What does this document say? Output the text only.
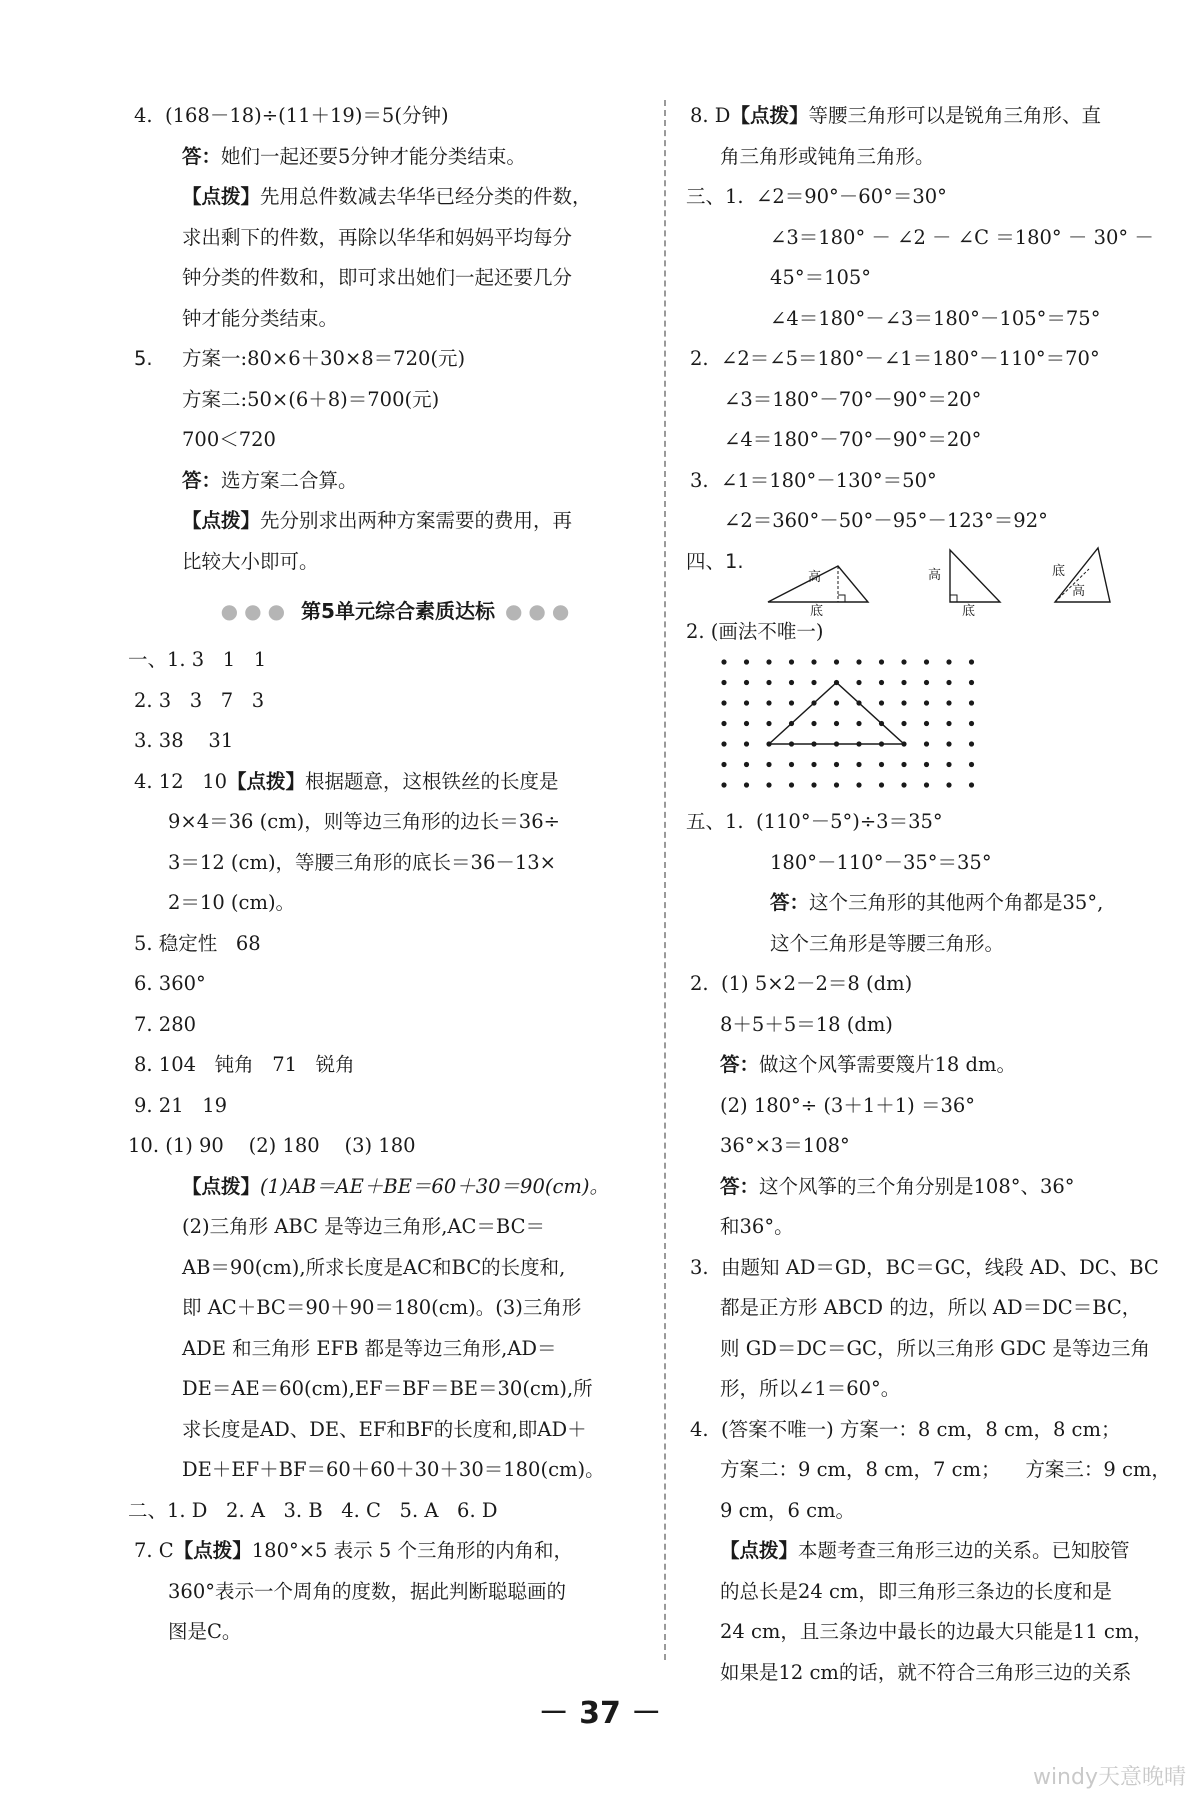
4.  (168－18)÷(11＋19)＝5(分钟)
答：她们一起还要5分钟才能分类结束。
【点拨】先用总件数减去华华已经分类的件数，
求出剩下的件数，再除以华华和妈妈平均每分
钟分类的件数和，即可求出她们一起还要几分
钟才能分类结束。
5. 方案一:80×6＋30×8＝720(元)
方案二:50×(6＋8)＝700(元)
700＜720
答：选方案二合算。
【点拨】先分别求出两种方案需要的费用，再
比较大小即可。
●●● 第5单元综合素质达标 ●●●
一、1. 3   1   1
2. 3   3   7   3
3. 38    31
4. 12   10【点拨】根据题意，这根铁丝的长度是
9×4＝36 (cm)，则等边三角形的边长＝36÷
3＝12 (cm)，等腰三角形的底长＝36－13×
2＝10 (cm)。
5. 稳定性   68
6. 360°
7. 280
8. 104   钝角   71   锐角
9. 21   19
10. (1) 90    (2) 180    (3) 180
【点拨】(1)AB＝AE＋BE＝60＋30＝90(cm)。
(2)三角形 ABC 是等边三角形,AC＝BC＝
AB＝90(cm),所求长度是AC和BC的长度和,
即 AC＋BC＝90＋90＝180(cm)。(3)三角形
ADE 和三角形 EFB 都是等边三角形,AD＝
DE＝AE＝60(cm),EF＝BF＝BE＝30(cm),所
求长度是AD、DE、EF和BF的长度和,即AD＋
DE＋EF＋BF＝60＋60＋30＋30＝180(cm)。
二、1. D   2. A   3. B   4. C   5. A   6. D
7. C【点拨】180°×5 表示 5 个三角形的内角和，
360°表示一个周角的度数，据此判断聪聪画的
图是C。
8. D【点拨】等腰三角形可以是锐角三角形、直
角三角形或钝角三角形。
三、1.  ∠2＝90°－60°＝30°
∠3＝180° － ∠2 － ∠C ＝180° － 30° －
45°＝105°
∠4＝180°－∠3＝180°－105°＝75°
2.  ∠2＝∠5＝180°－∠1＝180°－110°＝70°
∠3＝180°－70°－90°＝20°
∠4＝180°－70°－90°＝20°
3.  ∠1＝180°－130°＝50°
∠2＝360°－50°－95°－123°＝92°
四、1.
高
底
高
底
底
高
2. (画法不唯一)
五、1.  (110°－5°)÷3＝35°
180°－110°－35°＝35°
答：这个三角形的其他两个角都是35°,
这个三角形是等腰三角形。
2.  (1) 5×2－2＝8 (dm)
8＋5＋5＝18 (dm)
答：做这个风筝需要篾片18 dm。
(2) 180°÷ (3＋1＋1) ＝36°
36°×3＝108°
答：这个风筝的三个角分别是108°、36°
和36°。
3.  由题知 AD＝GD，BC＝GC，线段 AD、DC、BC
都是正方形 ABCD 的边，所以 AD＝DC＝BC，
则 GD＝DC＝GC，所以三角形 GDC 是等边三角
形，所以∠1＝60°。
4.  (答案不唯一) 方案一：8 cm，8 cm，8 cm；
方案二：9 cm，8 cm，7 cm；    方案三：9 cm，
9 cm，6 cm。
【点拨】本题考查三角形三边的关系。已知胶管
的总长是24 cm，即三角形三条边的长度和是
24 cm，且三条边中最长的边最大只能是11 cm，
如果是12 cm的话，就不符合三角形三边的关系
－ 37 －
windy天意晚晴
